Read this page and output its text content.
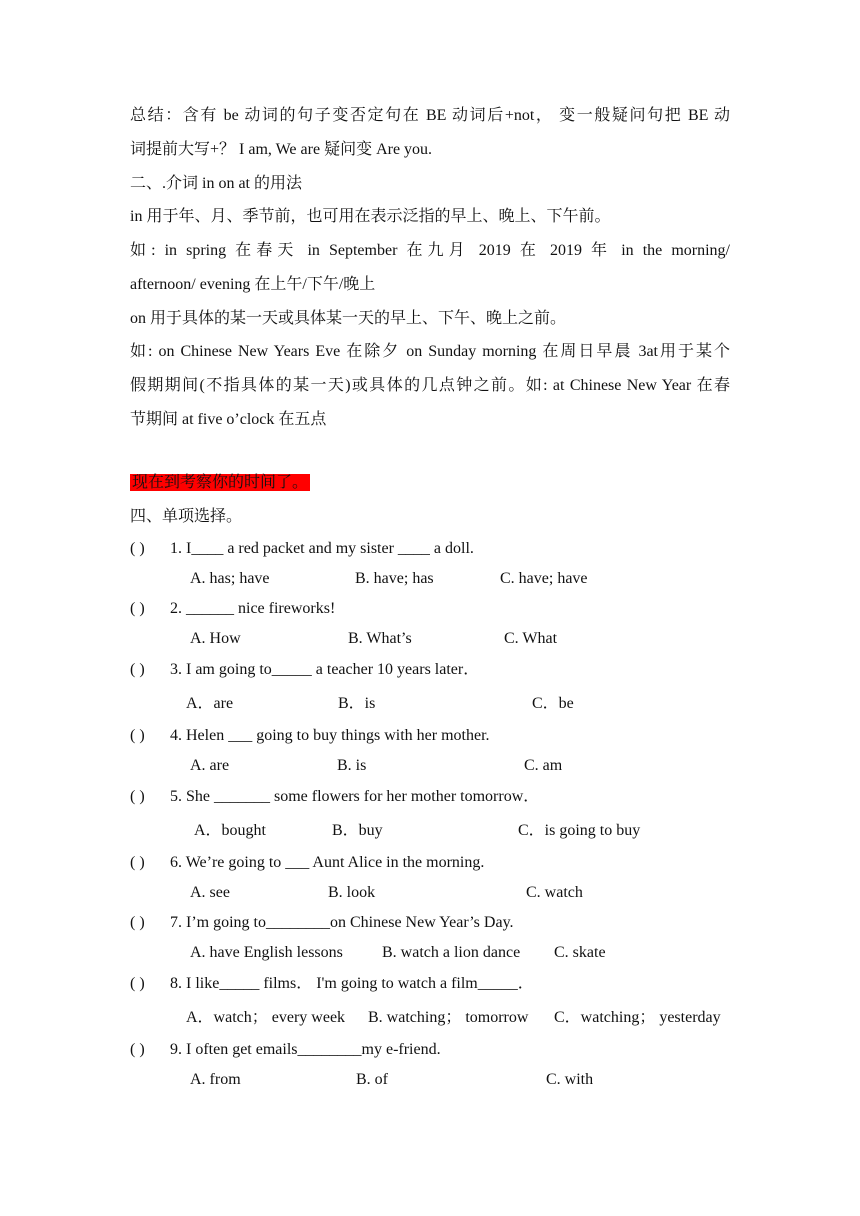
总结：含有 be 动词的句子变否定句在 BE 动词后+not， 变一般疑问句把 BE 动
词提前大写+？ I am, We are 疑问变 Are you.
二、.介词 in on at 的用法
in 用于年、月、季节前，也可用在表示泛指的早上、晚上、下午前。
如: in spring 在春天 in September 在九月 2019 在 2019 年 in the morning/
afternoon/ evening 在上午/下午/晚上
on 用于具体的某一天或具体某一天的早上、下午、晚上之前。
如: on Chinese New Years Eve 在除夕 on Sunday morning 在周日早晨 3at用于某个
假期期间(不指具体的某一天)或具体的几点钟之前。如: at Chinese New Year 在春
节期间 at five o’clock 在五点
现在到考察你的时间了。
四、单项选择。
( ) 1. I____ a red packet and my sister ____ a doll.
A. has; have	B. have; has	C. have; have
( ) 2. ______ nice fireworks!
A. How	B. What’s	C. What
( ) 3. I am going to_____ a teacher 10 years later．
A．are	B．is	C．be
( ) 4. Helen ___ going to buy things with her mother.
A. are	B. is	C. am
( ) 5. She _______ some flowers for her mother tomorrow．
A．bought	B．buy	C．is going to buy
( ) 6. We’re going to ___ Aunt Alice in the morning.
A. see	B. look	C. watch
( ) 7. I’m going to________on Chinese New Year’s Day.
A. have English lessons B. watch a lion dance C. skate
( ) 8. I like_____ films． I'm going to watch a film_____．
A．watch； every week B. watching； tomorrow C．watching； yesterday
( ) 9. I often get emails________my e-friend.
A. from	B. of	C. with
